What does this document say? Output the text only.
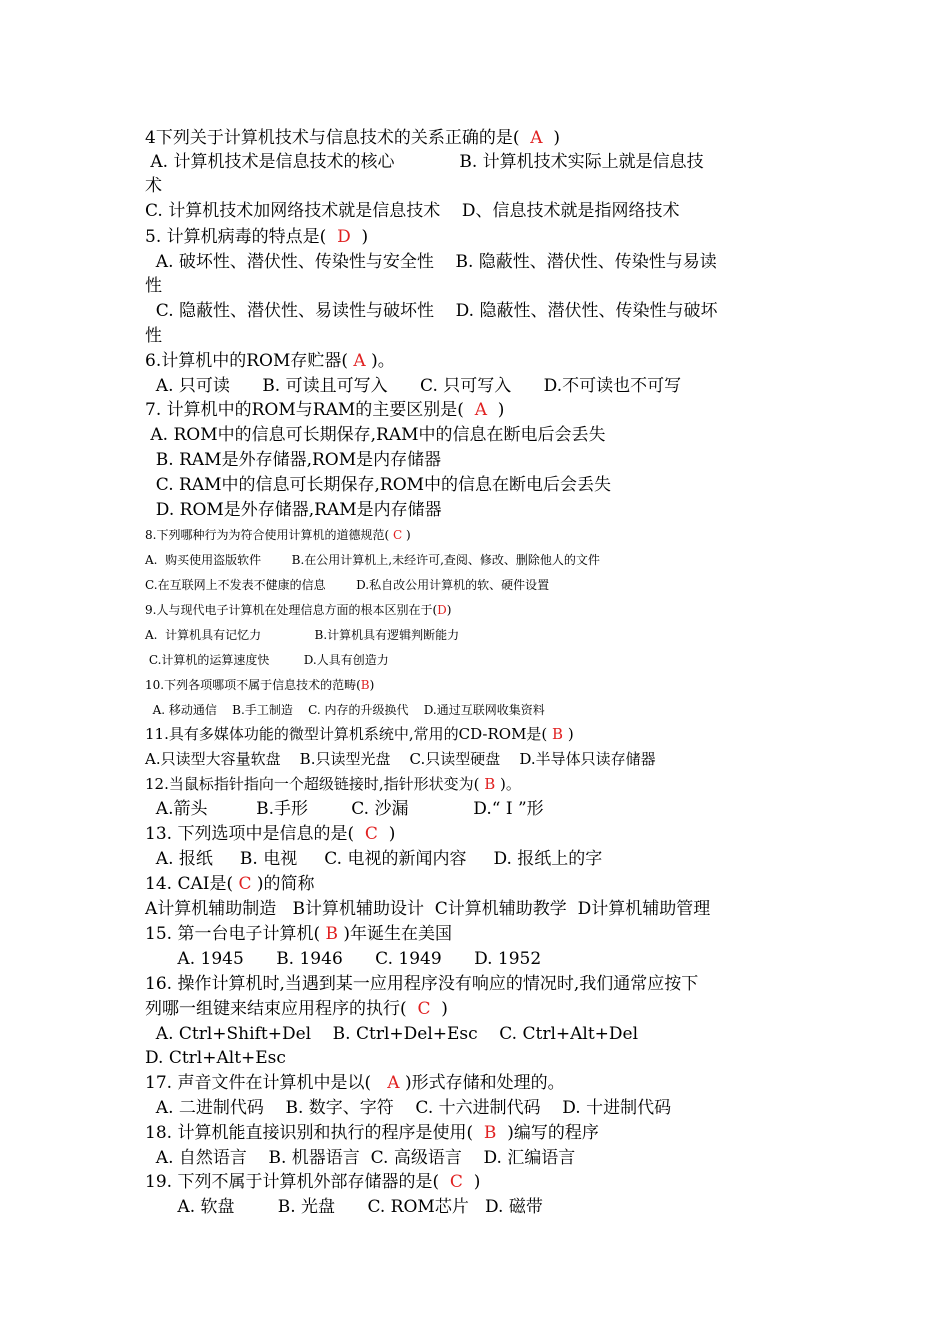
4下列关于计算机技术与信息技术的关系正确的是(  A  )
A. 计算机技术是信息技术的核心            B. 计算机技术实际上就是信息技
术
C. 计算机技术加网络技术就是信息技术    D、信息技术就是指网络技术
5. 计算机病毒的特点是(  D  )
A. 破坏性、潜伏性、传染性与安全性    B. 隐蔽性、潜伏性、传染性与易读
性
C. 隐蔽性、潜伏性、易读性与破坏性    D. 隐蔽性、潜伏性、传染性与破坏
性
6.计算机中的ROM存贮器( A )。
A. 只可读      B. 可读且可写入      C. 只可写入      D.不可读也不可写
7. 计算机中的ROM与RAM的主要区别是(  A  )
A. ROM中的信息可长期保存,RAM中的信息在断电后会丢失
B. RAM是外存储器,ROM是内存储器
C. RAM中的信息可长期保存,ROM中的信息在断电后会丢失
D. ROM是外存储器,RAM是内存储器
8.下列哪种行为为符合使用计算机的道德规范( C )
A.  购买使用盗版软件        B.在公用计算机上,未经许可,查阅、修改、删除他人的文件
C.在互联网上不发表不健康的信息        D.私自改公用计算机的软、硬件设置
9.人与现代电子计算机在处理信息方面的根本区别在于(D)
A.  计算机具有记忆力              B.计算机具有逻辑判断能力
C.计算机的运算速度快         D.人具有创造力
10.下列各项哪项不属于信息技术的范畴(B)
A. 移动通信    B.手工制造    C. 内存的升级换代    D.通过互联网收集资料
11.具有多媒体功能的微型计算机系统中,常用的CD-ROM是( B )
A.只读型大容量软盘    B.只读型光盘    C.只读型硬盘    D.半导体只读存储器
12.当鼠标指针指向一个超级链接时,指针形状变为( B )。
A.箭头         B.手形        C. 沙漏            D.“ I ”形
13. 下列选项中是信息的是(  C  )
A. 报纸     B. 电视     C. 电视的新闻内容     D. 报纸上的字
14. CAI是( C )的简称
A计算机辅助制造   B计算机辅助设计  C计算机辅助教学  D计算机辅助管理
15. 第一台电子计算机( B )年诞生在美国
A. 1945      B. 1946      C. 1949      D. 1952
16. 操作计算机时,当遇到某一应用程序没有响应的情况时,我们通常应按下
列哪一组键来结束应用程序的执行(  C  )
A. Ctrl+Shift+Del    B. Ctrl+Del+Esc    C. Ctrl+Alt+Del
D. Ctrl+Alt+Esc
17. 声音文件在计算机中是以(   A )形式存储和处理的。
A. 二进制代码    B. 数字、字符    C. 十六进制代码    D. 十进制代码
18. 计算机能直接识别和执行的程序是使用(  B  )编写的程序
A. 自然语言    B. 机器语言  C. 高级语言    D. 汇编语言
19. 下列不属于计算机外部存储器的是(  C  )
A. 软盘        B. 光盘      C. ROM芯片   D. 磁带
